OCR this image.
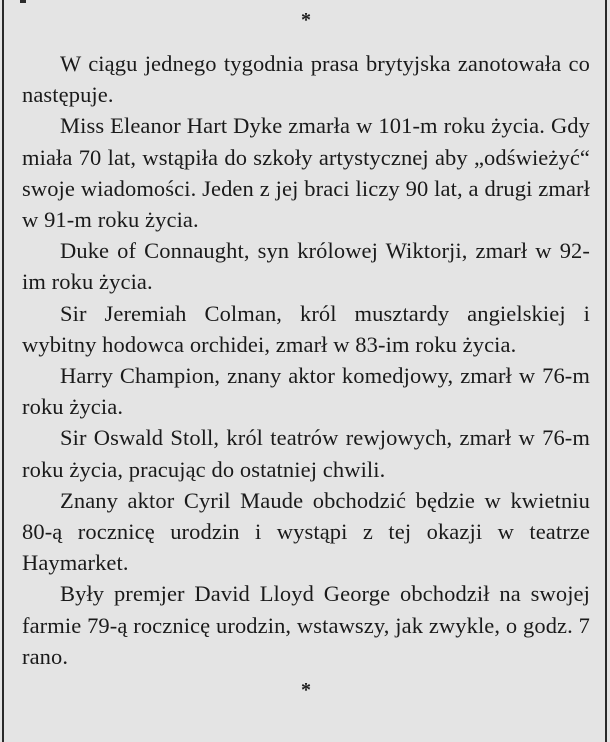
*

W ciągu jednego tygodnia prasa brytyjska zanotowała co następuje.

Miss Eleanor Hart Dyke zmarła w 101-m roku życia. Gdy miała 70 lat, wstąpiła do szkoły artystycznej aby „odświeżyć“ swoje wiadomości. Jeden z jej braci liczy 90 lat, a drugi zmarł w 91-m roku życia.

Duke of Connaught, syn królowej Wiktorji, zmarł w 92-im roku życia.

Sir Jeremiah Colman, król musztardy angielskiej i wybitny hodowca orchidei, zmarł w 83-im roku życia.

Harry Champion, znany aktor komedjowy, zmarł w 76-m roku życia.

Sir Oswald Stoll, król teatrów rewjowych, zmarł w 76-m roku życia, pracując do ostatniej chwili.

Znany aktor Cyril Maude obchodzić będzie w kwietniu 80-ą rocznicę urodzin i wystąpi z tej okazji w teatrze Haymarket.

Były premjer David Lloyd George obchodził na swojej farmie 79-ą rocznicę urodzin, wstawszy, jak zwykle, o godz. 7 rano.

*
